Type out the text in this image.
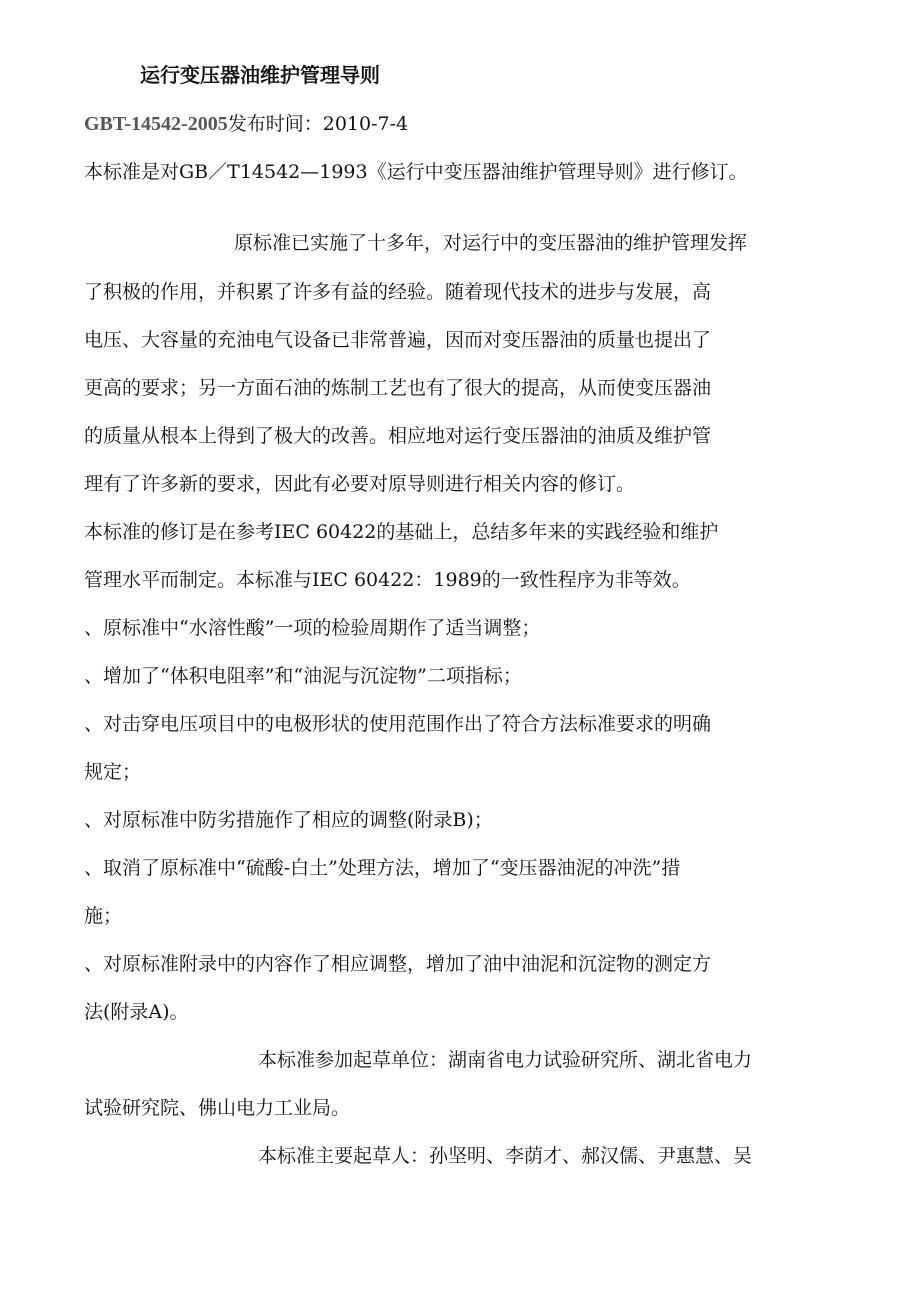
运行变压器油维护管理导则
GBT-14542-2005发布时间：2010-7-4
本标准是对GB／T14542—1993《运行中变压器油维护管理导则》进行修订。
原标准已实施了十多年，对运行中的变压器油的维护管理发挥
了积极的作用，并积累了许多有益的经验。随着现代技术的进步与发展，高
电压、大容量的充油电气设备已非常普遍，因而对变压器油的质量也提出了
更高的要求；另一方面石油的炼制工艺也有了很大的提高，从而使变压器油
的质量从根本上得到了极大的改善。相应地对运行变压器油的油质及维护管
理有了许多新的要求，因此有必要对原导则进行相关内容的修订。
本标准的修订是在参考IEC 60422的基础上，总结多年来的实践经验和维护
管理水平而制定。本标准与IEC 60422：1989的一致性程序为非等效。
、原标准中“水溶性酸”一项的检验周期作了适当调整；
、增加了“体积电阻率”和“油泥与沉淀物”二项指标；
、对击穿电压项目中的电极形状的使用范围作出了符合方法标准要求的明确
规定；
、对原标准中防劣措施作了相应的调整(附录B)；
、取消了原标准中“硫酸-白土”处理方法，增加了“变压器油泥的冲洗”措
施；
、对原标准附录中的内容作了相应调整，增加了油中油泥和沉淀物的测定方
法(附录A)。
本标准参加起草单位：湖南省电力试验研究所、湖北省电力
试验研究院、佛山电力工业局。
本标准主要起草人：孙坚明、李荫才、郝汉儒、尹惠慧、吴
